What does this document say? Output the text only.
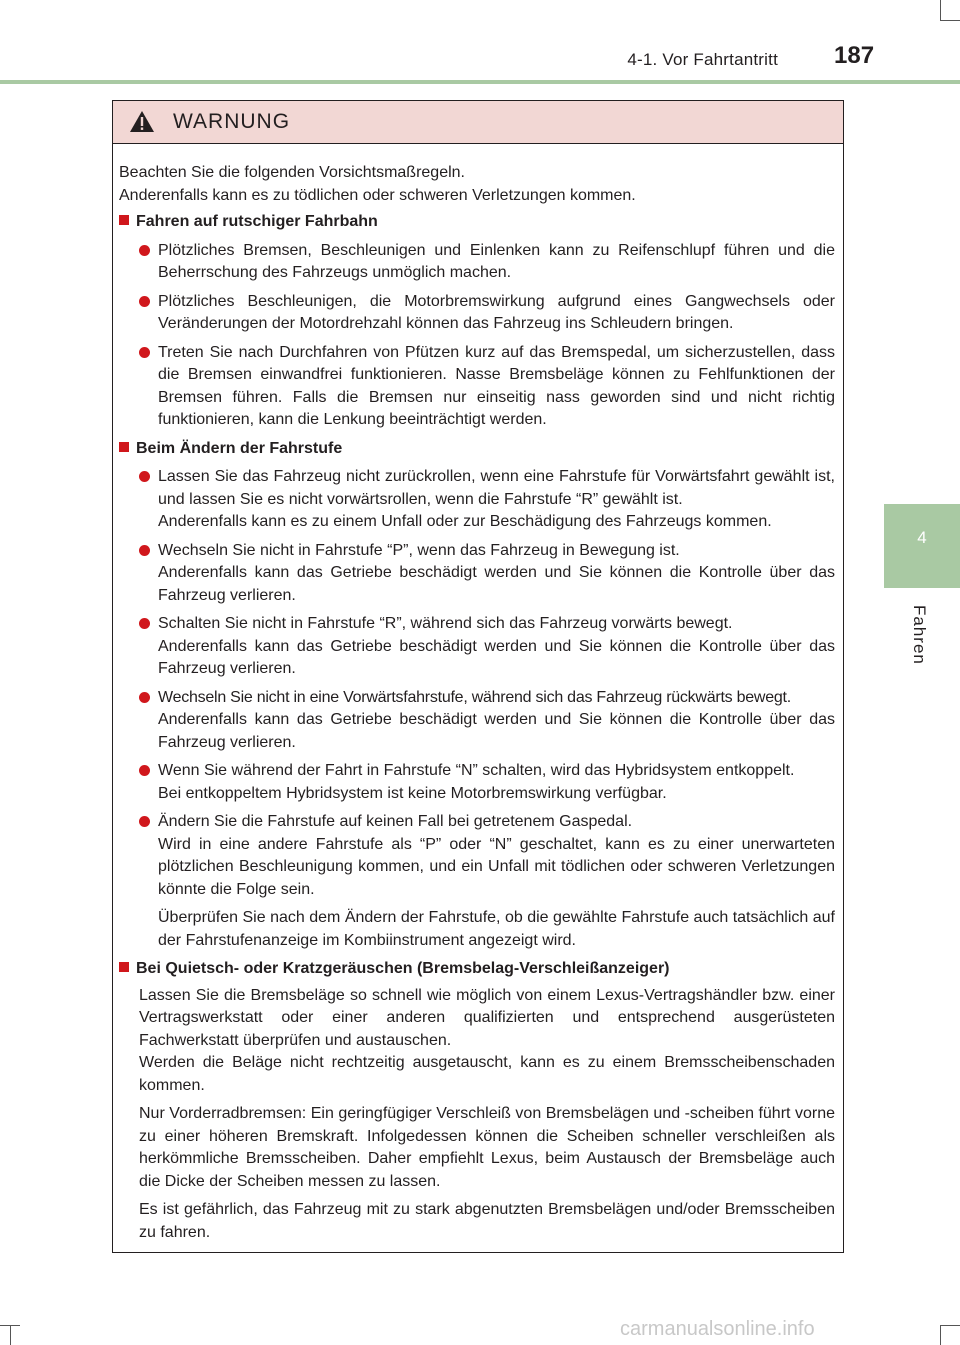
4-1. Vor Fahrtantritt 187
4
Fahren
WARNUNG

Beachten Sie die folgenden Vorsichtsmaßregeln.
Anderenfalls kann es zu tödlichen oder schweren Verletzungen kommen.

Fahren auf rutschiger Fahrbahn
Plötzliches Bremsen, Beschleunigen und Einlenken kann zu Reifenschlupf führen und die Beherrschung des Fahrzeugs unmöglich machen.
Plötzliches Beschleunigen, die Motorbremswirkung aufgrund eines Gangwechsels oder Veränderungen der Motordrehzahl können das Fahrzeug ins Schleudern bringen.
Treten Sie nach Durchfahren von Pfützen kurz auf das Bremspedal, um sicherzustellen, dass die Bremsen einwandfrei funktionieren. Nasse Bremsbeläge können zu Fehlfunktionen der Bremsen führen. Falls die Bremsen nur einseitig nass geworden sind und nicht richtig funktionieren, kann die Lenkung beeinträchtigt werden.
Beim Ändern der Fahrstufe
Lassen Sie das Fahrzeug nicht zurückrollen, wenn eine Fahrstufe für Vorwärtsfahrt gewählt ist, und lassen Sie es nicht vorwärtsrollen, wenn die Fahrstufe “R” gewählt ist.
Anderenfalls kann es zu einem Unfall oder zur Beschädigung des Fahrzeugs kommen.
Wechseln Sie nicht in Fahrstufe “P”, wenn das Fahrzeug in Bewegung ist.
Anderenfalls kann das Getriebe beschädigt werden und Sie können die Kontrolle über das Fahrzeug verlieren.
Schalten Sie nicht in Fahrstufe “R”, während sich das Fahrzeug vorwärts bewegt.
Anderenfalls kann das Getriebe beschädigt werden und Sie können die Kontrolle über das Fahrzeug verlieren.
Wechseln Sie nicht in eine Vorwärtsfahrstufe, während sich das Fahrzeug rückwärts bewegt.
Anderenfalls kann das Getriebe beschädigt werden und Sie können die Kontrolle über das Fahrzeug verlieren.
Wenn Sie während der Fahrt in Fahrstufe “N” schalten, wird das Hybridsystem entkoppelt.
Bei entkoppeltem Hybridsystem ist keine Motorbremswirkung verfügbar.
Ändern Sie die Fahrstufe auf keinen Fall bei getretenem Gaspedal.
Wird in eine andere Fahrstufe als “P” oder “N” geschaltet, kann es zu einer unerwarteten plötzlichen Beschleunigung kommen, und ein Unfall mit tödlichen oder schweren Verletzungen könnte die Folge sein.

Überprüfen Sie nach dem Ändern der Fahrstufe, ob die gewählte Fahrstufe auch tatsächlich auf der Fahrstufenanzeige im Kombiinstrument angezeigt wird.

Bei Quietsch- oder Kratzgeräuschen (Bremsbelag-Verschleißanzeiger)

Lassen Sie die Bremsbeläge so schnell wie möglich von einem Lexus-Vertragshändler bzw. einer Vertragswerkstatt oder einer anderen qualifizierten und entsprechend ausgerüsteten Fachwerkstatt überprüfen und austauschen.
Werden die Beläge nicht rechtzeitig ausgetauscht, kann es zu einem Bremsscheibenschaden kommen.

Nur Vorderradbremsen: Ein geringfügiger Verschleiß von Bremsbelägen und -scheiben führt vorne zu einer höheren Bremskraft. Infolgedessen können die Scheiben schneller verschleißen als herkömmliche Bremsscheiben. Daher empfiehlt Lexus, beim Austausch der Bremsbeläge auch die Dicke der Scheiben messen zu lassen.

Es ist gefährlich, das Fahrzeug mit zu stark abgenutzten Bremsbelägen und/oder Bremsscheiben zu fahren.

carmanualsonline.info
